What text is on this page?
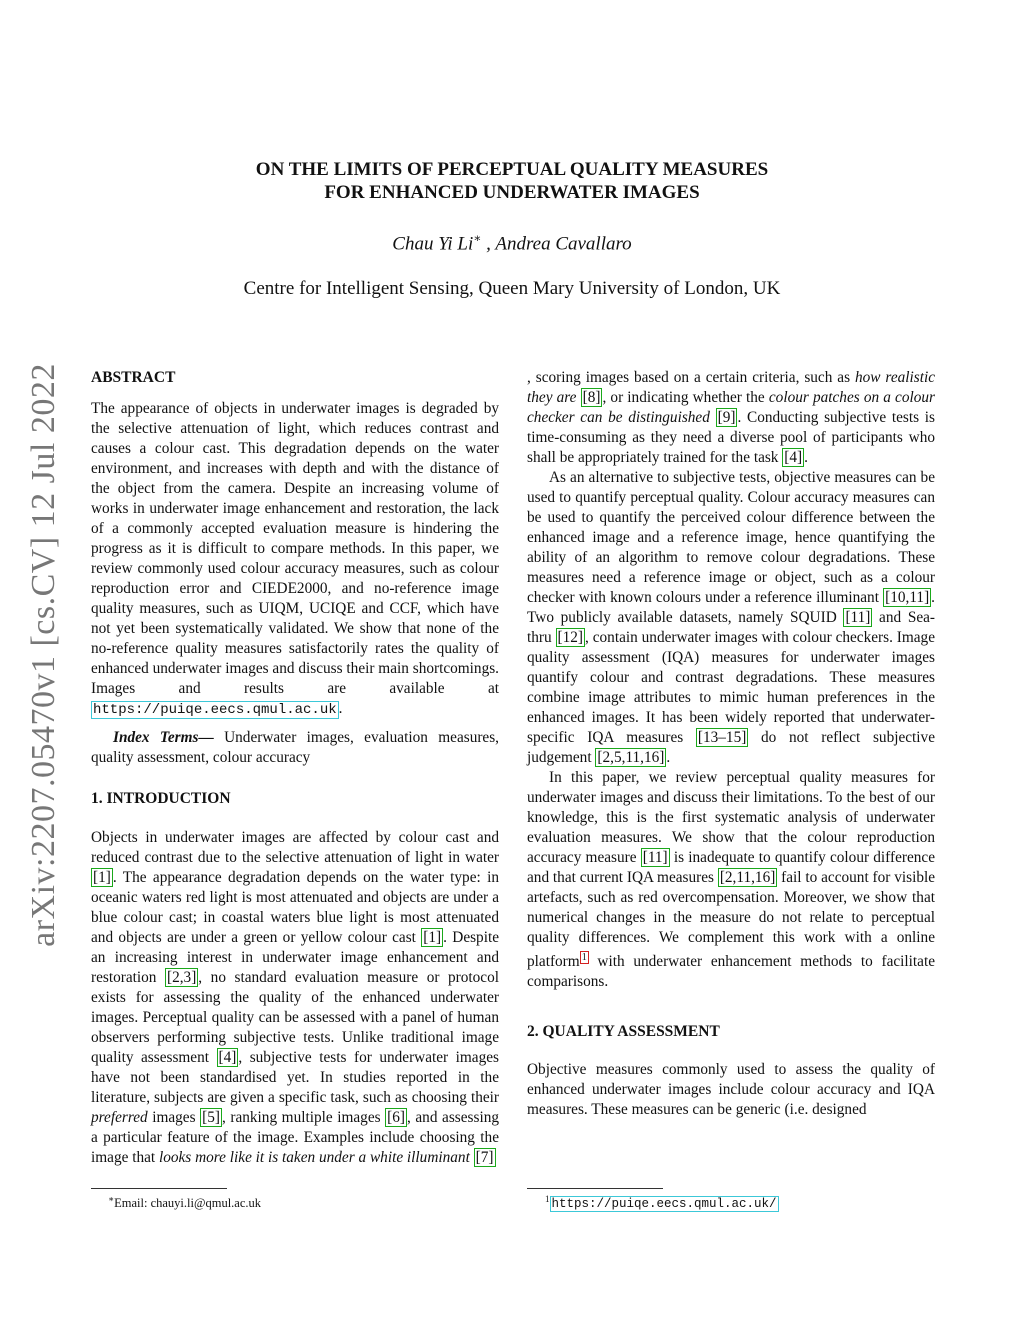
arXiv:2207.05470v1 [cs.CV] 12 Jul 2022
ON THE LIMITS OF PERCEPTUAL QUALITY MEASURES
FOR ENHANCED UNDERWATER IMAGES
Chau Yi Li∗ , Andrea Cavallaro
Centre for Intelligent Sensing, Queen Mary University of London, UK

ABSTRACT

The appearance of objects in underwater images is degraded by the selective attenuation of light, which reduces contrast and causes a colour cast. This degradation depends on the water environment, and increases with depth and with the distance of the object from the camera. Despite an increasing volume of works in underwater image enhancement and restoration, the lack of a commonly accepted evaluation measure is hindering the progress as it is difficult to compare methods. In this paper, we review commonly used colour accuracy measures, such as colour reproduction error and CIEDE2000, and no-reference image quality measures, such as UIQM, UCIQE and CCF, which have not yet been systematically validated. We show that none of the no-reference quality measures satisfactorily rates the quality of enhanced underwater images and discuss their main shortcomings. Images and results are available at https://puiqe.eecs.qmul.ac.uk .

Index Terms— Underwater images, evaluation measures, quality assessment, colour accuracy

1. INTRODUCTION

Objects in underwater images are affected by colour cast and reduced contrast due to the selective attenuation of light in water [1] . The appearance degradation depends on the water type: in oceanic waters red light is most attenuated and objects are under a blue colour cast; in coastal waters blue light is most attenuated and objects are under a green or yellow colour cast [1] . Despite an increasing interest in underwater image enhancement and restoration [2,3] , no standard evaluation measure or protocol exists for assessing the quality of the enhanced underwater images. Perceptual quality can be assessed with a panel of human observers performing subjective tests. Unlike traditional image quality assessment [4] , subjective tests for underwater images have not been standardised yet. In studies reported in the literature, subjects are given a specific task, such as choosing their preferred images [5] , ranking multiple images [6] , and assessing a particular feature of the image. Examples include choosing the image that looks more like it is taken under a white illuminant [7]

, scoring images based on a certain criteria, such as how realistic they are [8] , or indicating whether the colour patches on a colour checker can be distinguished [9] . Conducting subjective tests is time-consuming as they need a diverse pool of participants who shall be appropriately trained for the task [4] .

As an alternative to subjective tests, objective measures can be used to quantify perceptual quality. Colour accuracy measures can be used to quantify the perceived colour difference between the enhanced image and a reference image, hence quantifying the ability of an algorithm to remove colour degradations. These measures need a reference image or object, such as a colour checker with known colours under a reference illuminant [10,11] . Two publicly available datasets, namely SQUID [11] and Sea-thru [12] , contain underwater images with colour checkers. Image quality assessment (IQA) measures for underwater images quantify colour and contrast degradations. These measures combine image attributes to mimic human preferences in the enhanced images. It has been widely reported that underwater-specific IQA measures [13–15] do not reflect subjective judgement [2,5,11,16] .

In this paper, we review perceptual quality measures for underwater images and discuss their limitations. To the best of our knowledge, this is the first systematic analysis of underwater evaluation measures. We show that the colour reproduction accuracy measure [11] is inadequate to quantify colour difference and that current IQA measures [2,11,16] fail to account for visible artefacts, such as red overcompensation. Moreover, we show that numerical changes in the measure do not relate to perceptual quality differences. We complement this work with a online platform $^1$ with underwater enhancement methods to facilitate comparisons.

2. QUALITY ASSESSMENT

Objective measures commonly used to assess the quality of enhanced underwater images include colour accuracy and IQA measures. These measures can be generic (i.e. designed

∗Email: chauyi.li@qmul.ac.uk	$^1$ https://puiqe.eecs.qmul.ac.uk/
